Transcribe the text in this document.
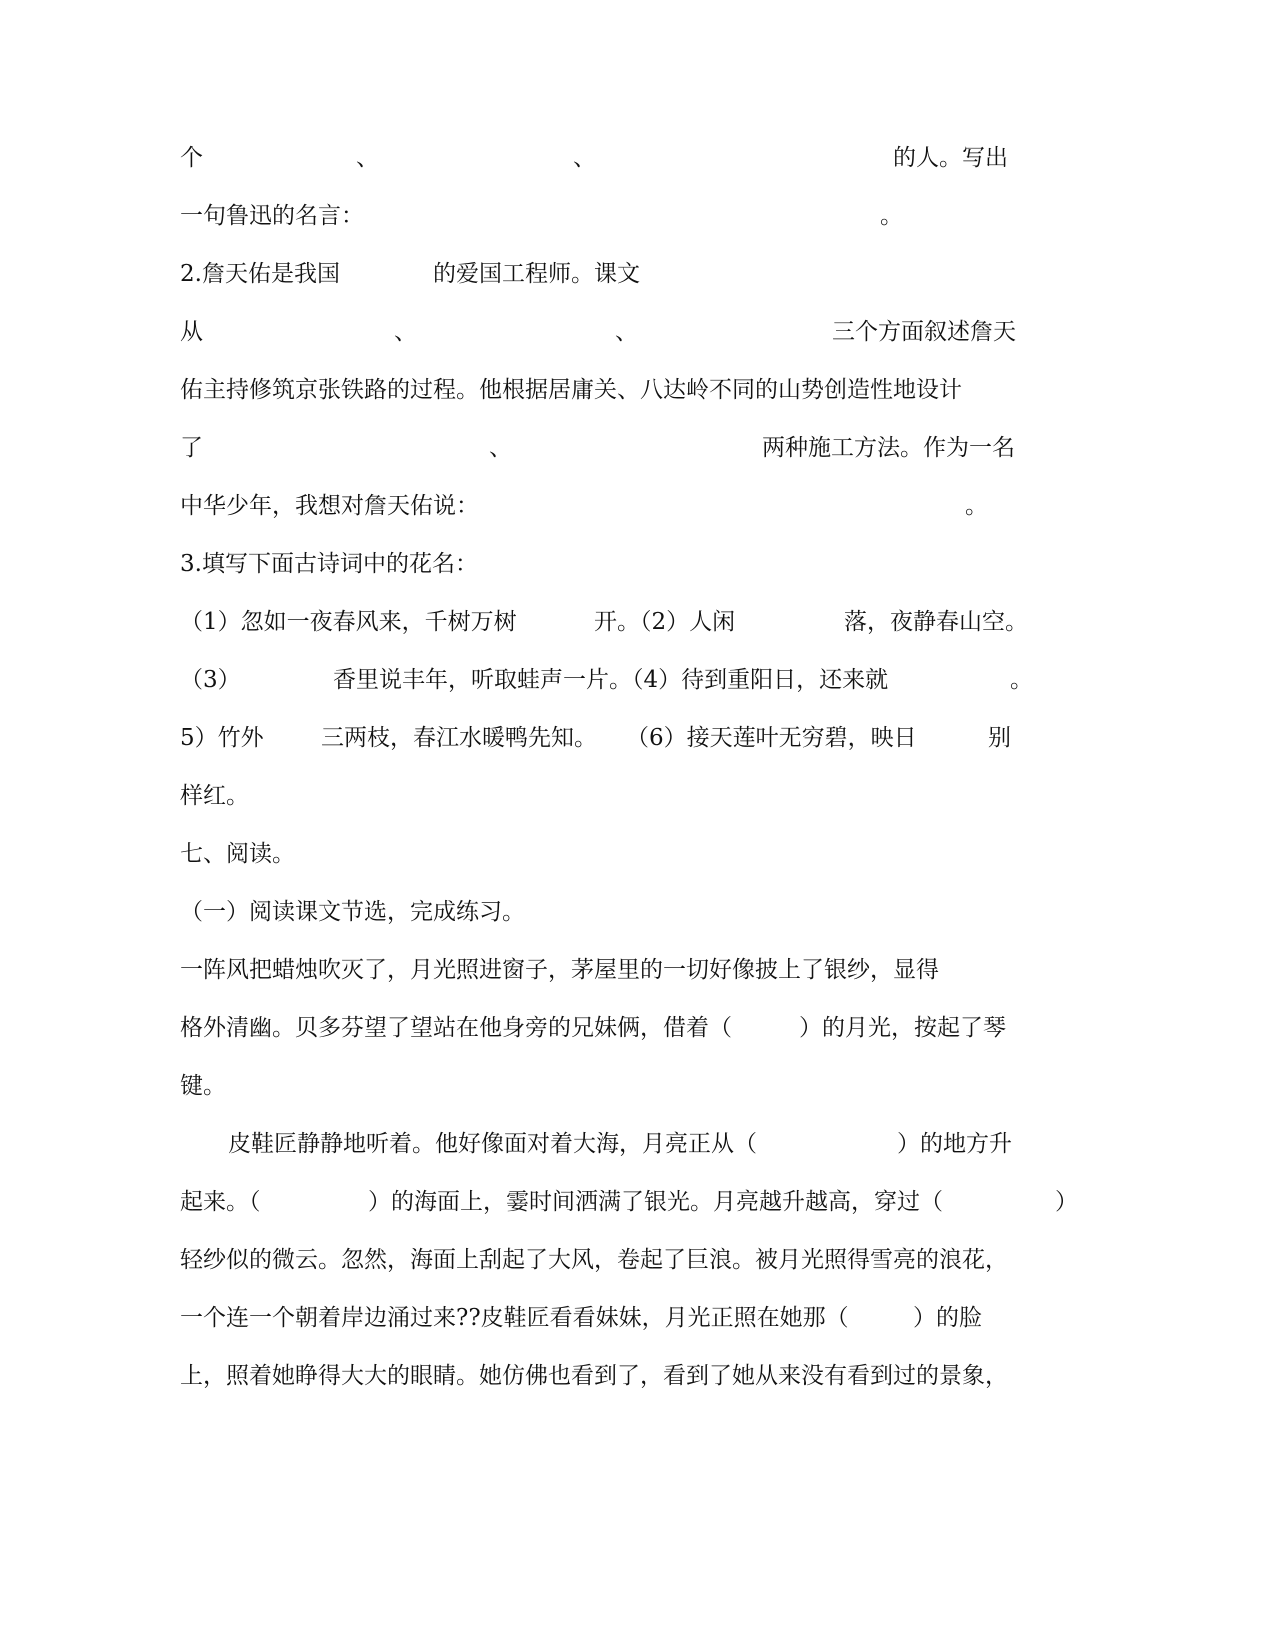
个	、	、	的人。写出
一句鲁迅的名言：	。
2.詹天佑是我国	的爱国工程师。课文
从	、	、	三个方面叙述詹天
佑主持修筑京张铁路的过程。他根据居庸关、八达岭不同的山势创造性地设计
了	、	两种施工方法。作为一名
中华少年，我想对詹天佑说：	。
3.填写下面古诗词中的花名：
（1）忽如一夜春风来，千树万树	开。（2）人闲	落，夜静春山空。
（3）	香里说丰年，听取蛙声一片。（4）待到重阳日，还来就	。
5）竹外 三两枝，春江水暖鸭先知。 （6）接天莲叶无穷碧，映日	别
样红。
七、阅读。
（一）阅读课文节选，完成练习。
一阵风把蜡烛吹灭了，月光照进窗子，茅屋里的一切好像披上了银纱，显得
格外清幽。贝多芬望了望站在他身旁的兄妹俩，借着（	）的月光，按起了琴
键。
皮鞋匠静静地听着。他好像面对着大海，月亮正从（	）的地方升
起来。（	）的海面上，霎时间洒满了银光。月亮越升越高，穿过（	）
轻纱似的微云。忽然，海面上刮起了大风，卷起了巨浪。被月光照得雪亮的浪花，
一个连一个朝着岸边涌过来??皮鞋匠看看妹妹，月光正照在她那（	）的脸
上，照着她睁得大大的眼睛。她仿佛也看到了，看到了她从来没有看到过的景象，
